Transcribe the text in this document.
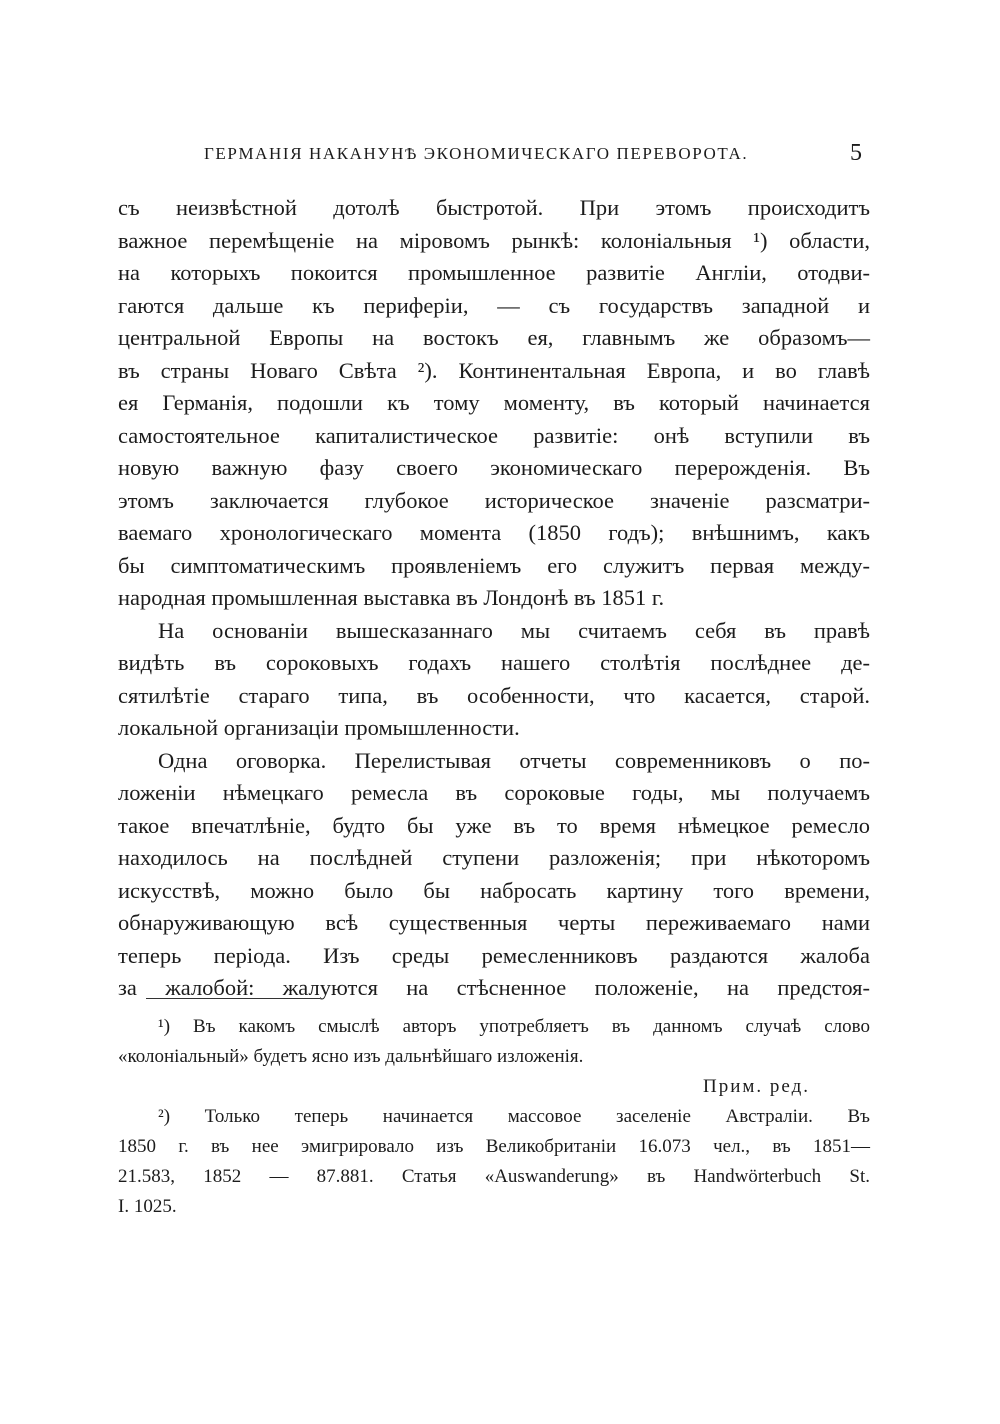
ГЕРМАНIЯ НАКАНУНѢ ЭКОНОМИЧЕСКАГО ПЕРЕВОРОТА.	5
съ неизвѣстной дотолѣ быстротой. При этомъ происходитъ
важное перемѣщенiе на мiровомъ рынкѣ: колонiальныя ¹) области,
на которыхъ покоится промышленное развитiе Англiи, отодви-
гаются дальше къ периферiи, — съ государствъ западной и
центральной Европы на востокъ ея, главнымъ же образомъ—
въ страны Новаго Свѣта ²). Континентальная Европа, и во главѣ
ея Германiя, подошли къ тому моменту, въ который начинается
самостоятельное капиталистическое развитiе: онѣ вступили въ
новую важную фазу своего экономическаго перерожденiя. Въ
этомъ заключается глубокое историческое значенiе разсматри-
ваемаго хронологическаго момента (1850 годъ); внѣшнимъ, какъ
бы симптоматическимъ проявленiемъ его служитъ первая между-
народная промышленная выставка въ Лондонѣ въ 1851 г.
На основанiи вышесказаннаго мы считаемъ себя въ правѣ
видѣть въ сороковыхъ годахъ нашего столѣтiя послѣднее де-
сятилѣтiе стараго типа, въ особенности, что касается, старой.
локальной организацiи промышленности.
Одна оговорка. Перелистывая отчеты современниковъ о по-
ложенiи нѣмецкаго ремесла въ сороковые годы, мы получаемъ
такое впечатлѣнiе, будто бы уже въ то время нѣмецкое ремесло
находилось на послѣдней ступени разложенiя; при нѣкоторомъ
искусствѣ, можно было бы набросать картину того времени,
обнаруживающую всѣ существенныя черты переживаемаго нами
теперь перiода. Изъ среды ремесленниковъ раздаются жалоба
за жалобой: жалуются на стѣсненное положенiе, на предстоя-
¹) Въ какомъ смыслѣ авторъ употребляетъ въ данномъ случаѣ слово
«колонiальный» будетъ ясно изъ дальнѣйшаго изложенiя.
Прим. ред.
²) Только теперь начинается массовое заселенiе Австралiи. Въ
1850 г. въ нее эмигрировало изъ Великобританiи 16.073 чел., въ 1851—
21.583, 1852 — 87.881. Статья «Auswanderung» въ Handwörterbuch St.
I. 1025.
